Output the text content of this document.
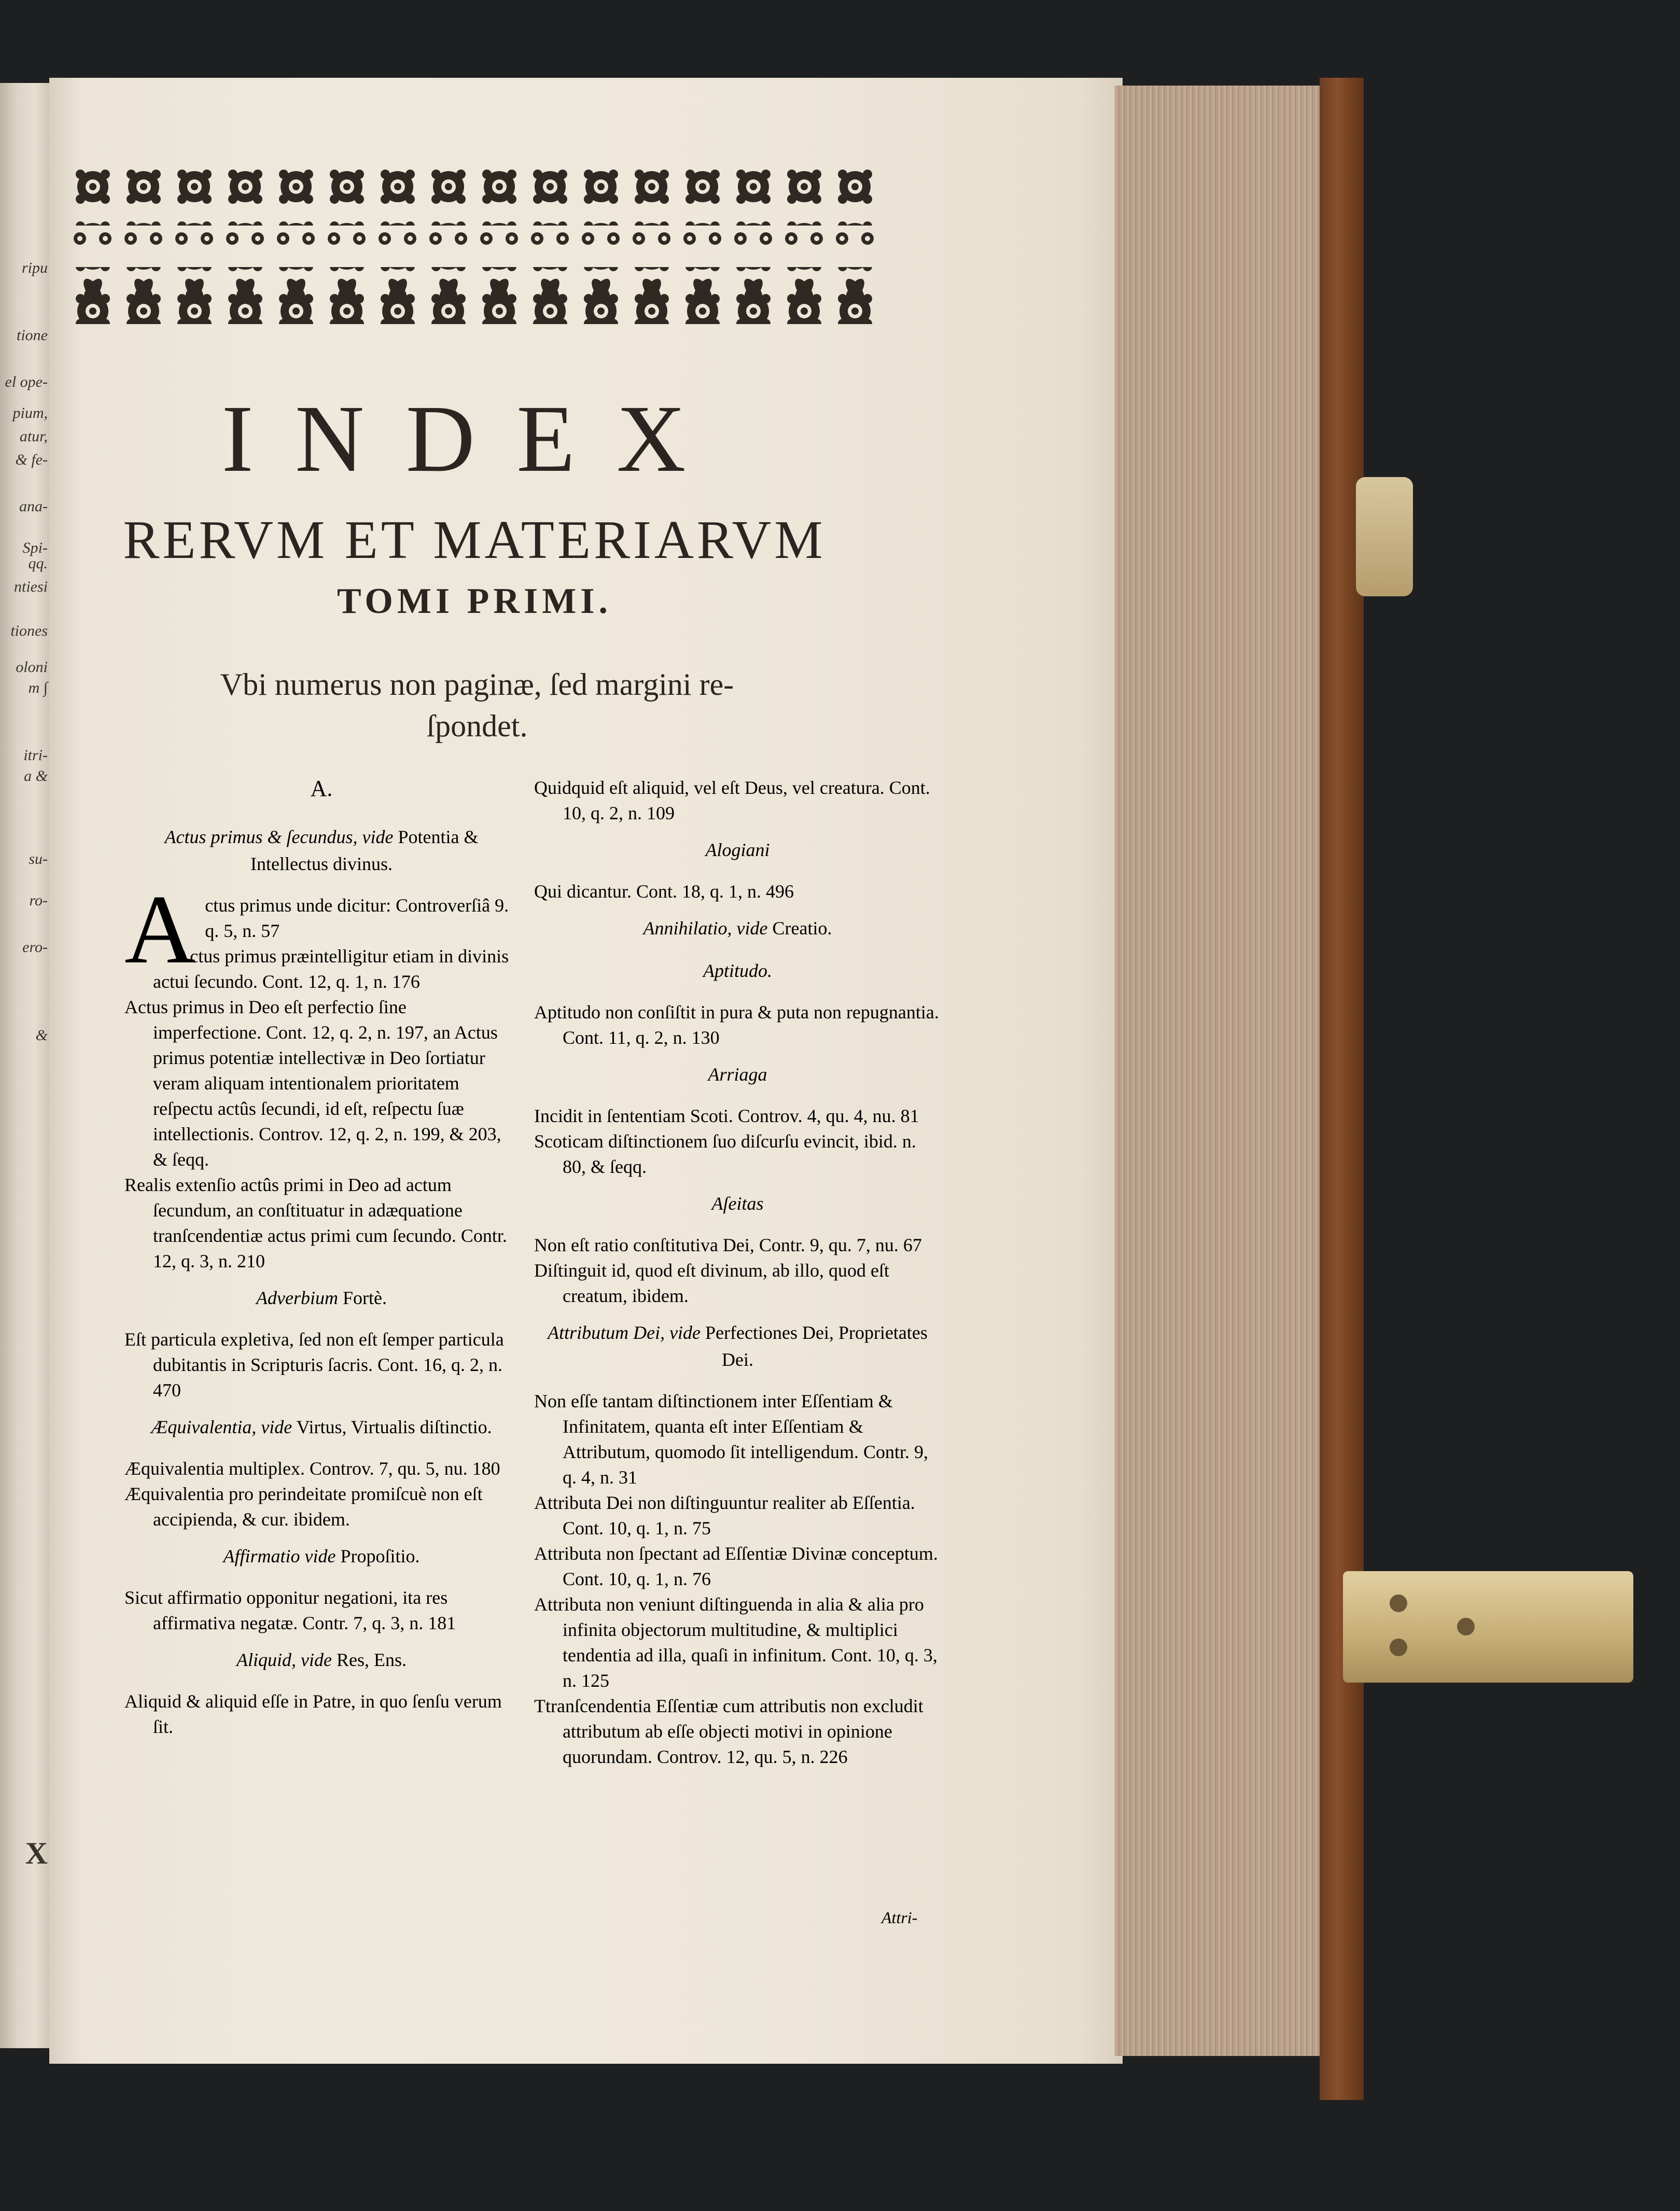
ripu
tione
el ope-
pium,
atur,
& fe-
ana-
Spi-
qq.
ntiesi
tiones
oloni
m ∫
itri-
a &
su-
ro-
ero-
&
X
INDEX
RERVM ET MATERIARVM
TOMI PRIMI.
Vbi numerus non paginæ, ſed margini re-
ſpondet.
A.
Actus primus & ſecundus, vide Potentia & Intellectus divinus.
A ctus primus unde dicitur: Controverſiâ 9. q. 5, n. 57

Actus primus præintelligitur etiam in divinis actui ſecundo. Cont. 12, q. 1, n. 176

Actus primus in Deo eſt perfectio ſine imperfectione. Cont. 12, q. 2, n. 197, an Actus primus potentiæ intellectivæ in Deo ſortiatur veram aliquam intentionalem prioritatem reſpectu actûs ſecundi, id eſt, reſpectu ſuæ intellectionis. Controv. 12, q. 2, n. 199, & 203, & ſeqq.

Realis extenſio actûs primi in Deo ad actum ſecundum, an conſtituatur in adæquatione tranſcendentiæ actus primi cum ſecundo. Contr. 12, q. 3, n. 210

Adverbium Fortè.

Eſt particula expletiva, ſed non eſt ſemper particula dubitantis in Scripturis ſacris. Cont. 16, q. 2, n. 470

Æquivalentia, vide Virtus, Virtualis diſtinctio.

Æquivalentia multiplex. Controv. 7, qu. 5, nu. 180

Æquivalentia pro perindeitate promiſcuè non eſt accipienda, & cur. ibidem.

Affirmatio vide Propoſitio.

Sicut affirmatio opponitur negationi, ita res affirmativa negatæ. Contr. 7, q. 3, n. 181

Aliquid, vide Res, Ens.

Aliquid & aliquid eſſe in Patre, in quo ſenſu verum ſit.

Quidquid eſt aliquid, vel eſt Deus, vel creatura. Cont. 10, q. 2, n. 109

Alogiani

Qui dicantur. Cont. 18, q. 1, n. 496

Annihilatio, vide Creatio.
Aptitudo.

Aptitudo non conſiſtit in pura & puta non repugnantia. Cont. 11, q. 2, n. 130

Arriaga

Incidit in ſententiam Scoti. Controv. 4, qu. 4, nu. 81

Scoticam diſtinctionem ſuo diſcurſu evincit, ibid. n. 80, & ſeqq.

Aſeitas

Non eſt ratio conſtitutiva Dei, Contr. 9, qu. 7, nu. 67

Diſtinguit id, quod eſt divinum, ab illo, quod eſt creatum, ibidem.

Attributum Dei, vide Perfectiones Dei, Proprietates Dei.

Non eſſe tantam diſtinctionem inter Eſſentiam & Infinitatem, quanta eſt inter Eſſentiam & Attributum, quomodo ſit intelligendum. Contr. 9, q. 4, n. 31

Attributa Dei non diſtinguuntur realiter ab Eſſentia. Cont. 10, q. 1, n. 75

Attributa non ſpectant ad Eſſentiæ Divinæ conceptum. Cont. 10, q. 1, n. 76

Attributa non veniunt diſtinguenda in alia & alia pro infinita objectorum multitudine, & multiplici tendentia ad illa, quaſi in infinitum. Cont. 10, q. 3, n. 125

Ttranſcendentia Eſſentiæ cum attributis non excludit attributum ab eſſe objecti motivi in opinione quorundam. Controv. 12, qu. 5, n. 226

Attri-
